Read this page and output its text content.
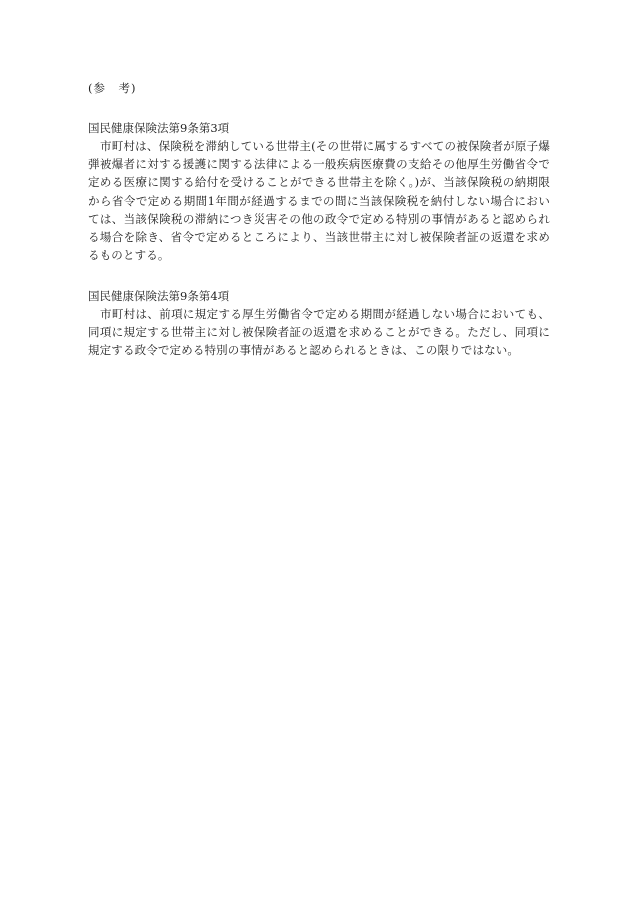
(参　考)
国民健康保険法第9条第3項
市町村は、保険税を滞納している世帯主(その世帯に属するすべての被保険者が原子爆
弾被爆者に対する援護に関する法律による一般疾病医療費の支給その他厚生労働省令で
定める医療に関する給付を受けることができる世帯主を除く。)が、当該保険税の納期限
から省令で定める期間1年間が経過するまでの間に当該保険税を納付しない場合におい
ては、当該保険税の滞納につき災害その他の政令で定める特別の事情があると認められ
る場合を除き、省令で定めるところにより、当該世帯主に対し被保険者証の返還を求め
るものとする。
国民健康保険法第9条第4項
市町村は、前項に規定する厚生労働省令で定める期間が経過しない場合においても、
同項に規定する世帯主に対し被保険者証の返還を求めることができる。ただし、同項に
規定する政令で定める特別の事情があると認められるときは、この限りではない。
